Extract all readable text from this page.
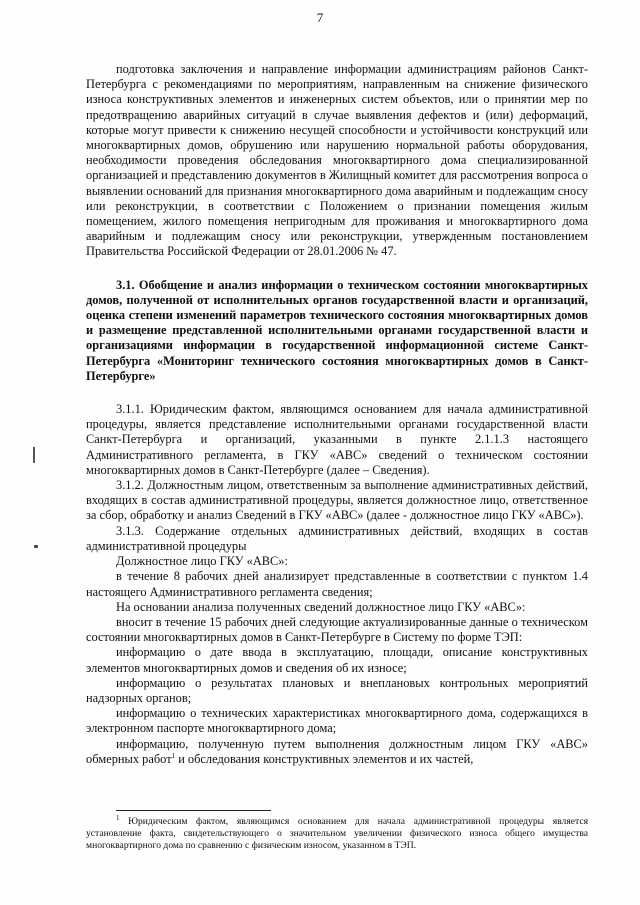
7

подготовка заключения и направление информации администрациям районов Санкт-Петербурга с рекомендациями по мероприятиям, направленным на снижение физического износа конструктивных элементов и инженерных систем объектов, или о принятии мер по предотвращению аварийных ситуаций в случае выявления дефектов и (или) деформаций, которые могут привести к снижению несущей способности и устойчивости конструкций или многоквартирных домов, обрушению или нарушению нормальной работы оборудования, необходимости проведения обследования многоквартирного дома специализированной организацией и представлению документов в Жилищный комитет для рассмотрения вопроса о выявлении оснований для признания многоквартирного дома аварийным и подлежащим сносу или реконструкции, в соответствии с Положением о признании помещения жилым помещением, жилого помещения непригодным для проживания и многоквартирного дома аварийным и подлежащим сносу или реконструкции, утвержденным постановлением Правительства Российской Федерации от 28.01.2006 № 47.

3.1. Обобщение и анализ информации о техническом состоянии многоквартирных домов, полученной от исполнительных органов государственной власти и организаций, оценка степени изменений параметров технического состояния многоквартирных домов и размещение представленной исполнительными органами государственной власти и организациями информации в государственной информационной системе Санкт-Петербурга «Мониторинг технического состояния многоквартирных домов в Санкт-Петербурге»

3.1.1. Юридическим фактом, являющимся основанием для начала административной процедуры, является представление исполнительными органами государственной власти Санкт-Петербурга и организаций, указанными в пункте 2.1.1.3 настоящего Административного регламента, в ГКУ «АВС» сведений о техническом состоянии многоквартирных домов в Санкт-Петербурге (далее – Сведения).

3.1.2. Должностным лицом, ответственным за выполнение административных действий, входящих в состав административной процедуры, является должностное лицо, ответственное за сбор, обработку и анализ Сведений в ГКУ «АВС» (далее - должностное лицо ГКУ «АВС»).

3.1.3. Содержание отдельных административных действий, входящих в состав административной процедуры

Должностное лицо ГКУ «АВС»:

в течение 8 рабочих дней анализирует представленные в соответствии с пунктом 1.4 настоящего Административного регламента сведения;

На основании анализа полученных сведений должностное лицо ГКУ «АВС»:

вносит в течение 15 рабочих дней следующие актуализированные данные о техническом состоянии многоквартирных домов в Санкт-Петербурге в Систему по форме ТЭП:

информацию о дате ввода в эксплуатацию, площади, описание конструктивных элементов многоквартирных домов и сведения об их износе;

информацию о результатах плановых и внеплановых контрольных мероприятий надзорных органов;

информацию о технических характеристиках многоквартирного дома, содержащихся в электронном паспорте многоквартирного дома;

информацию, полученную путем выполнения должностным лицом ГКУ «АВС» обмерных работ$^1$ и обследования конструктивных элементов и их частей,

$^1$ Юридическим фактом, являющимся основанием для начала административной процедуры является установление факта, свидетельствующего о значительном увеличении физического износа общего имущества многоквартирного дома по сравнению с физическим износом, указанном в ТЭП.
